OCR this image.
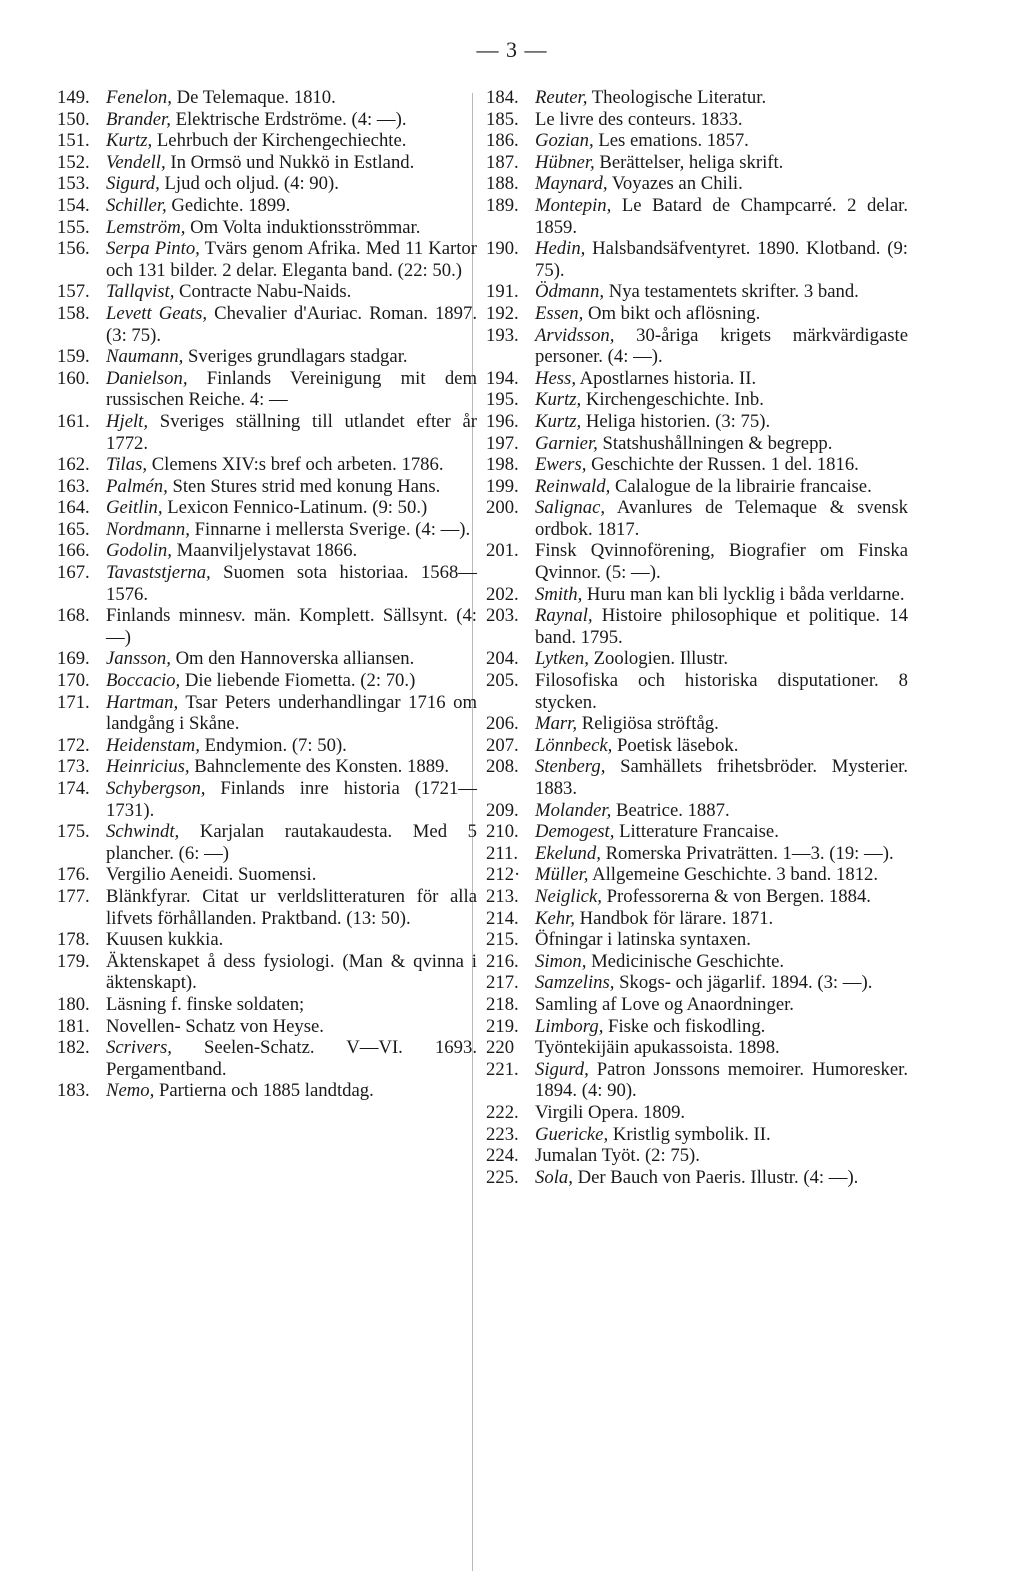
— 3 —
149. Fenelon, De Telemaque. 1810.
150. Brander, Elektrische Erdströme. (4: —).
151. Kurtz, Lehrbuch der Kirchengechiechte.
152. Vendell, In Ormsö und Nukkö in Estland.
153. Sigurd, Ljud och oljud. (4: 90).
154. Schiller, Gedichte. 1899.
155. Lemström, Om Volta induktionsströmmar.
156. Serpa Pinto, Tvärs genom Afrika. Med 11 Kartor och 131 bilder. 2 delar. Eleganta band. (22: 50.)
157. Tallqvist, Contracte Nabu-Naids.
158. Levett Geats, Chevalier d'Auriac. Roman. 1897. (3: 75).
159. Naumann, Sveriges grundlagars stadgar.
160. Danielson, Finlands Vereinigung mit dem russischen Reiche. 4: —
161. Hjelt, Sveriges ställning till utlandet efter år 1772.
162. Tilas, Clemens XIV:s bref och arbeten. 1786.
163. Palmén, Sten Stures strid med konung Hans.
164. Geitlin, Lexicon Fennico-Latinum. (9: 50.)
165. Nordmann, Finnarne i mellersta Sverige. (4: —).
166. Godolin, Maanviljelystavat 1866.
167. Tavaststjerna, Suomen sota historiaa. 1568—1576.
168. Finlands minnesv. män. Komplett. Sällsynt. (4: —)
169. Jansson, Om den Hannoverska alliansen.
170. Boccacio, Die liebende Fiometta. (2: 70.)
171. Hartman, Tsar Peters underhandlingar 1716 om landgång i Skåne.
172. Heidenstam, Endymion. (7: 50).
173. Heinricius, Bahnclemente des Konsten. 1889.
174. Schybergson, Finlands inre historia (1721—1731).
175. Schwindt, Karjalan rautakaudesta. Med 5 plancher. (6: —)
176. Vergilio Aeneidi. Suomensi.
177. Blänkfyrar. Citat ur verldslitteraturen för alla lifvets förhållanden. Praktband. (13: 50).
178. Kuusen kukkia.
179. Äktenskapet å dess fysiologi. (Man & qvinna i äktenskapt).
180. Läsning f. finske soldaten;
181. Novellen- Schatz von Heyse.
182. Scrivers, Seelen-Schatz. V—VI. 1693. Pergamentband.
183. Nemo, Partierna och 1885 landtdag.
184. Reuter, Theologische Literatur.
185. Le livre des conteurs. 1833.
186. Gozian, Les emations. 1857.
187. Hübner, Berättelser, heliga skrift.
188. Maynard, Voyazes an Chili.
189. Montepin, Le Batard de Champcarré. 2 delar. 1859.
190. Hedin, Halsbandsäfventyret. 1890. Klotband. (9: 75).
191. Ödmann, Nya testamentets skrifter. 3 band.
192. Essen, Om bikt och aflösning.
193. Arvidsson, 30-åriga krigets märkvärdigaste personer. (4: —).
194. Hess, Apostlarnes historia. II.
195. Kurtz, Kirchengeschichte. Inb.
196. Kurtz, Heliga historien. (3: 75).
197. Garnier, Statshushållningen & begrepp.
198. Ewers, Geschichte der Russen. 1 del. 1816.
199. Reinwald, Calalogue de la librairie francaise.
200. Salignac, Avanlures de Telemaque & svensk ordbok. 1817.
201. Finsk Qvinnoförening, Biografier om Finska Qvinnor. (5: —).
202. Smith, Huru man kan bli lycklig i båda verldarne.
203. Raynal, Histoire philosophique et politique. 14 band. 1795.
204. Lytken, Zoologien. Illustr.
205. Filosofiska och historiska disputationer. 8 stycken.
206. Marr, Religiösa ströftåg.
207. Lönnbeck, Poetisk läsebok.
208. Stenberg, Samhällets frihetsbröder. Mysterier. 1883.
209. Molander, Beatrice. 1887.
210. Demogest, Litterature Francaise.
211. Ekelund, Romerska Privaträtten. 1—3. (19: —).
212· Müller, Allgemeine Geschichte. 3 band. 1812.
213. Neiglick, Professorerna & von Bergen. 1884.
214. Kehr, Handbok för lärare. 1871.
215. Öfningar i latinska syntaxen.
216. Simon, Medicinische Geschichte.
217. Samzelins, Skogs- och jägarlif. 1894. (3: —).
218. Samling af Love og Anaordninger.
219. Limborg, Fiske och fiskodling.
220 Työntekijäin apukassoista. 1898.
221. Sigurd, Patron Jonssons memoirer. Humoresker. 1894. (4: 90).
222. Virgili Opera. 1809.
223. Guericke, Kristlig symbolik. II.
224. Jumalan Työt. (2: 75).
225. Sola, Der Bauch von Paeris. Illustr. (4: —).
